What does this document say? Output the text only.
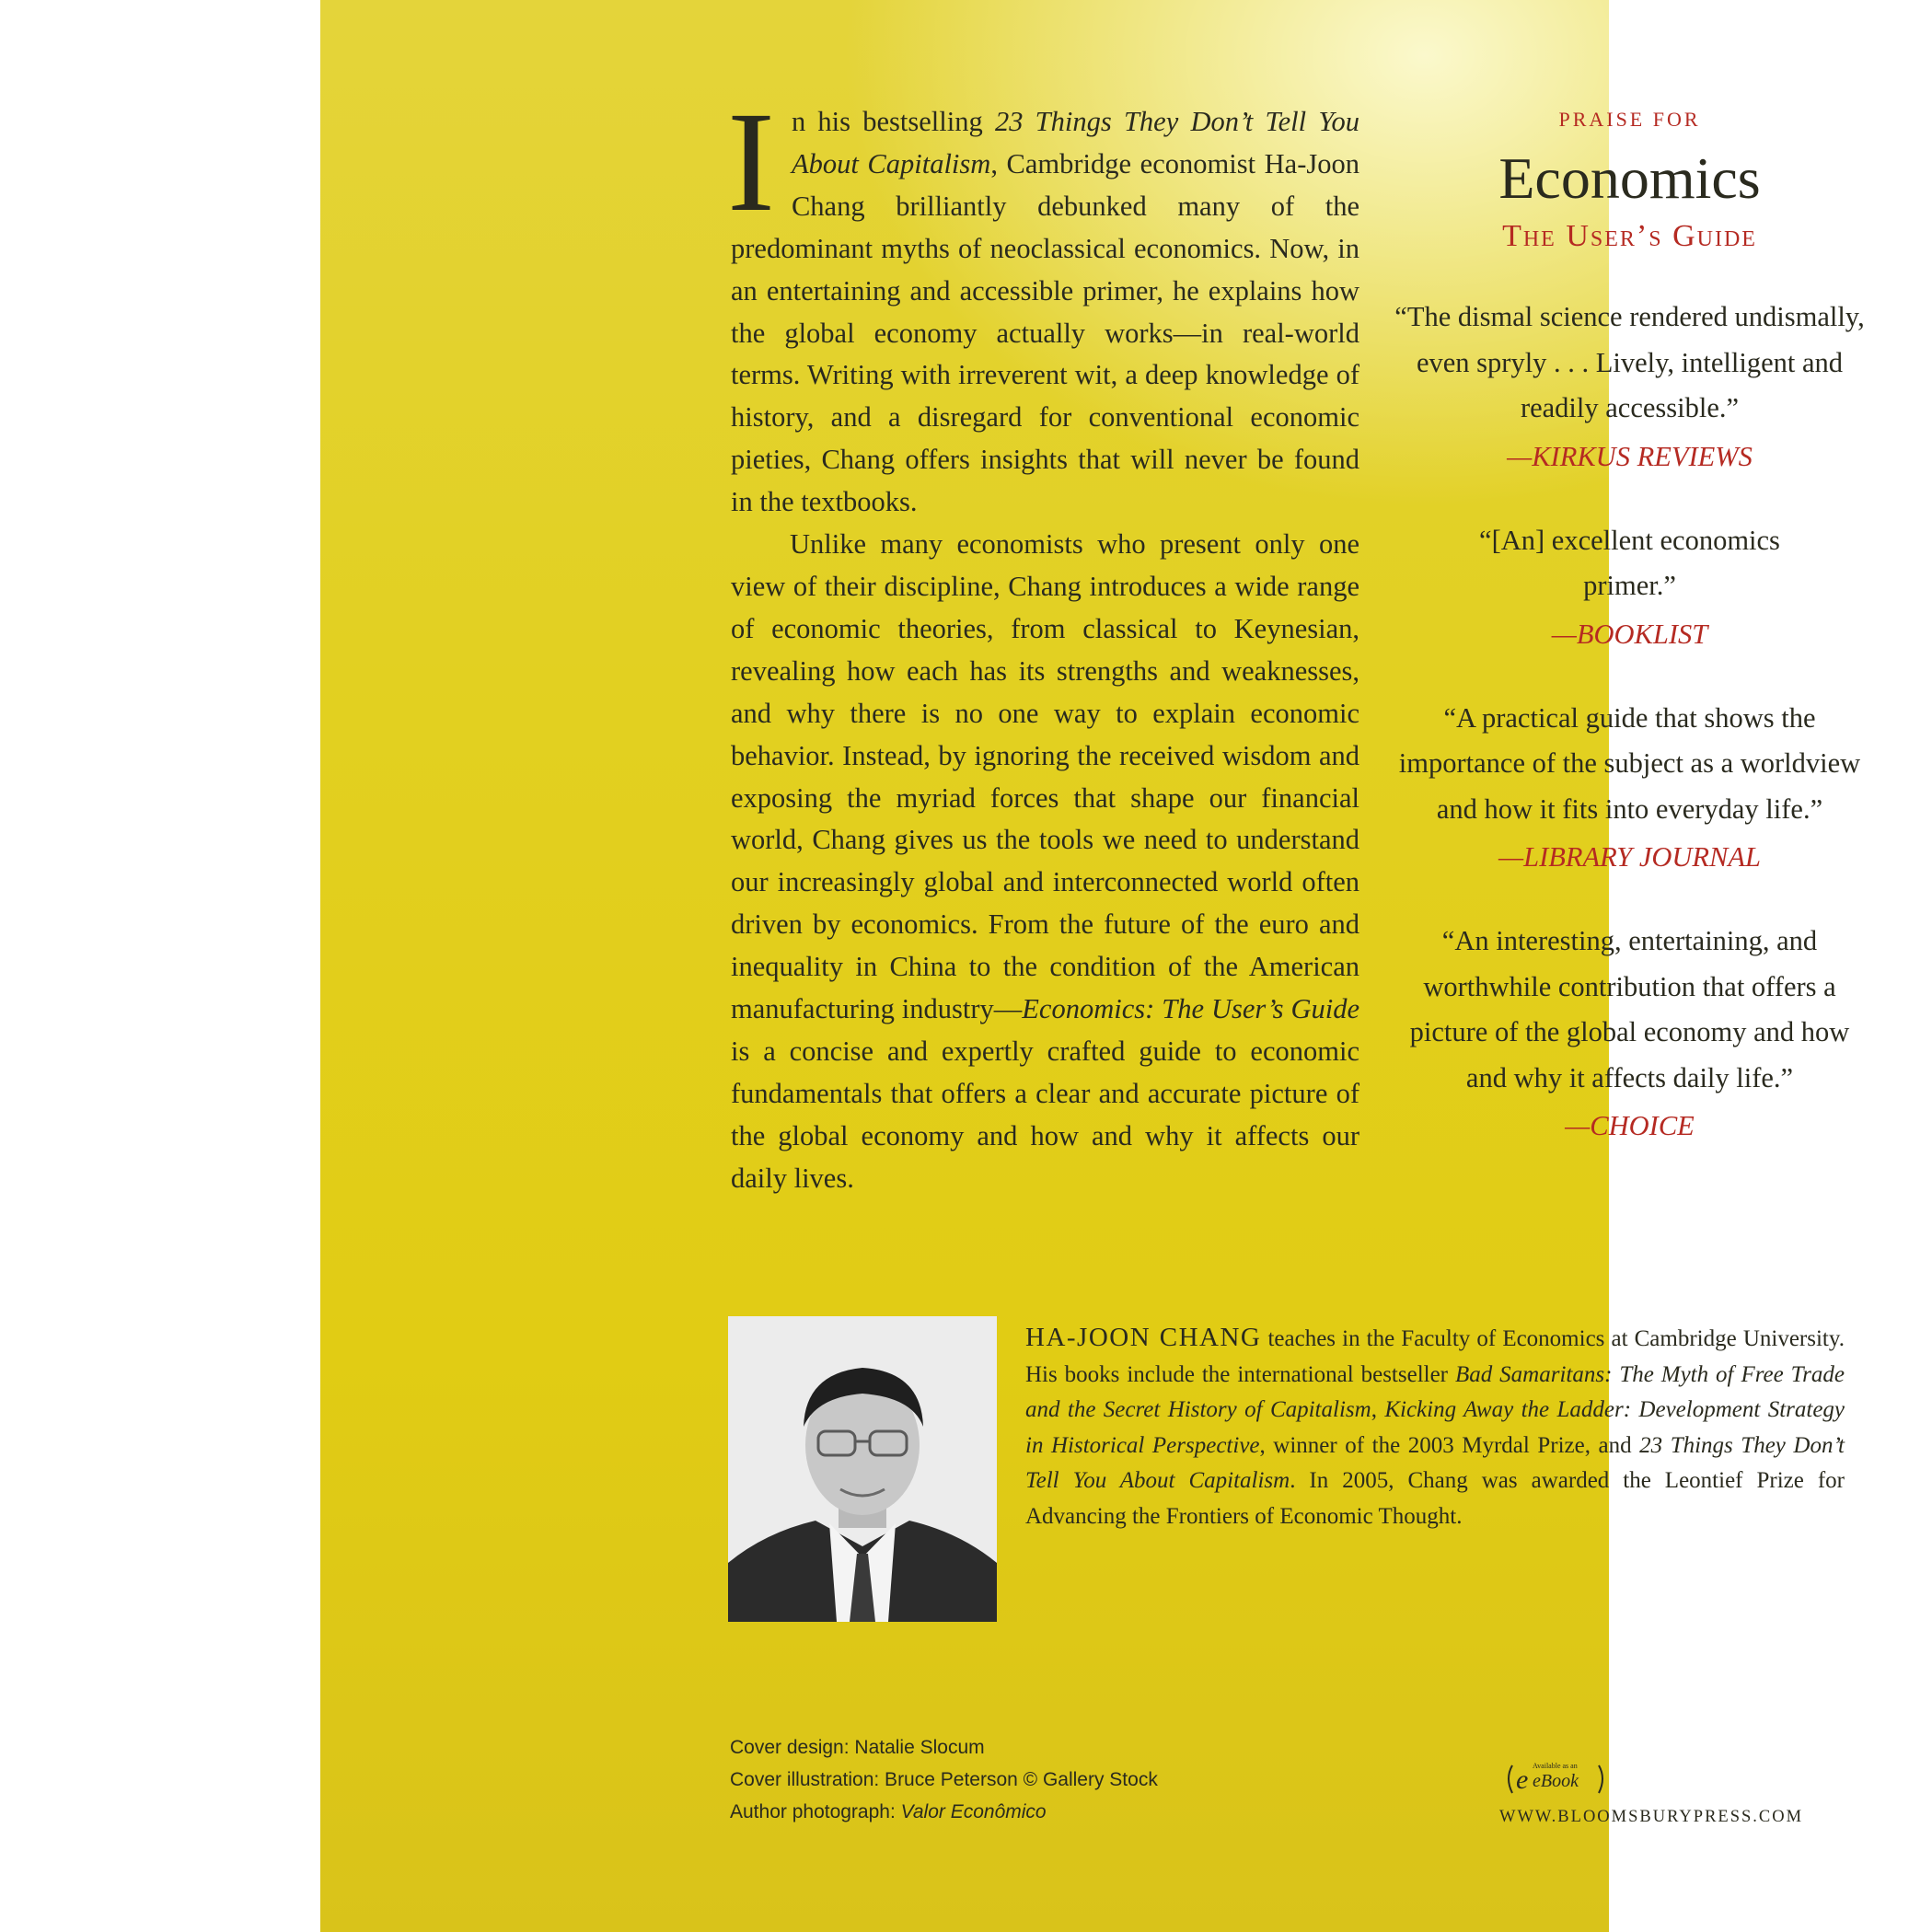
In his bestselling 23 Things They Don’t Tell You About Capitalism, Cambridge economist Ha-Joon Chang brilliantly debunked many of the predominant myths of neoclassical economics. Now, in an entertaining and accessible primer, he explains how the global economy actually works—in real-world terms. Writing with irreverent wit, a deep knowledge of history, and a disregard for conventional economic pieties, Chang offers insights that will never be found in the textbooks.

Unlike many economists who present only one view of their discipline, Chang introduces a wide range of economic theories, from classical to Keynesian, revealing how each has its strengths and weaknesses, and why there is no one way to explain economic behavior. Instead, by ignoring the received wisdom and exposing the myriad forces that shape our financial world, Chang gives us the tools we need to understand our increasingly global and interconnected world often driven by economics. From the future of the euro and inequality in China to the condition of the American manufacturing industry—Economics: The User’s Guide is a concise and expertly crafted guide to economic fundamentals that offers a clear and accurate picture of the global economy and how and why it affects our daily lives.

PRAISE FOR
Economics
The User’s Guide
“The dismal science rendered undismally, even spryly . . . Lively, intelligent and readily accessible.”
—KIRKUS REVIEWS
“[An] excellent economics primer.”
—BOOKLIST
“A practical guide that shows the importance of the subject as a worldview and how it fits into everyday life.”
—LIBRARY JOURNAL
“An interesting, entertaining, and worthwhile contribution that offers a picture of the global economy and how and why it affects daily life.”
—CHOICE

HA-JOON CHANG teaches in the Faculty of Economics at Cambridge University. His books include the international bestseller Bad Samaritans: The Myth of Free Trade and the Secret History of Capitalism, Kicking Away the Ladder: Development Strategy in Historical Perspective, winner of the 2003 Myrdal Prize, and 23 Things They Don’t Tell You About Capitalism. In 2005, Chang was awarded the Leontief Prize for Advancing the Frontiers of Economic Thought.

Cover design: Natalie Slocum
Cover illustration: Bruce Peterson © Gallery Stock
Author photograph: Valor Econômico
e Available as an
eBook
WWW.BLOOMSBURYPRESS.COM
